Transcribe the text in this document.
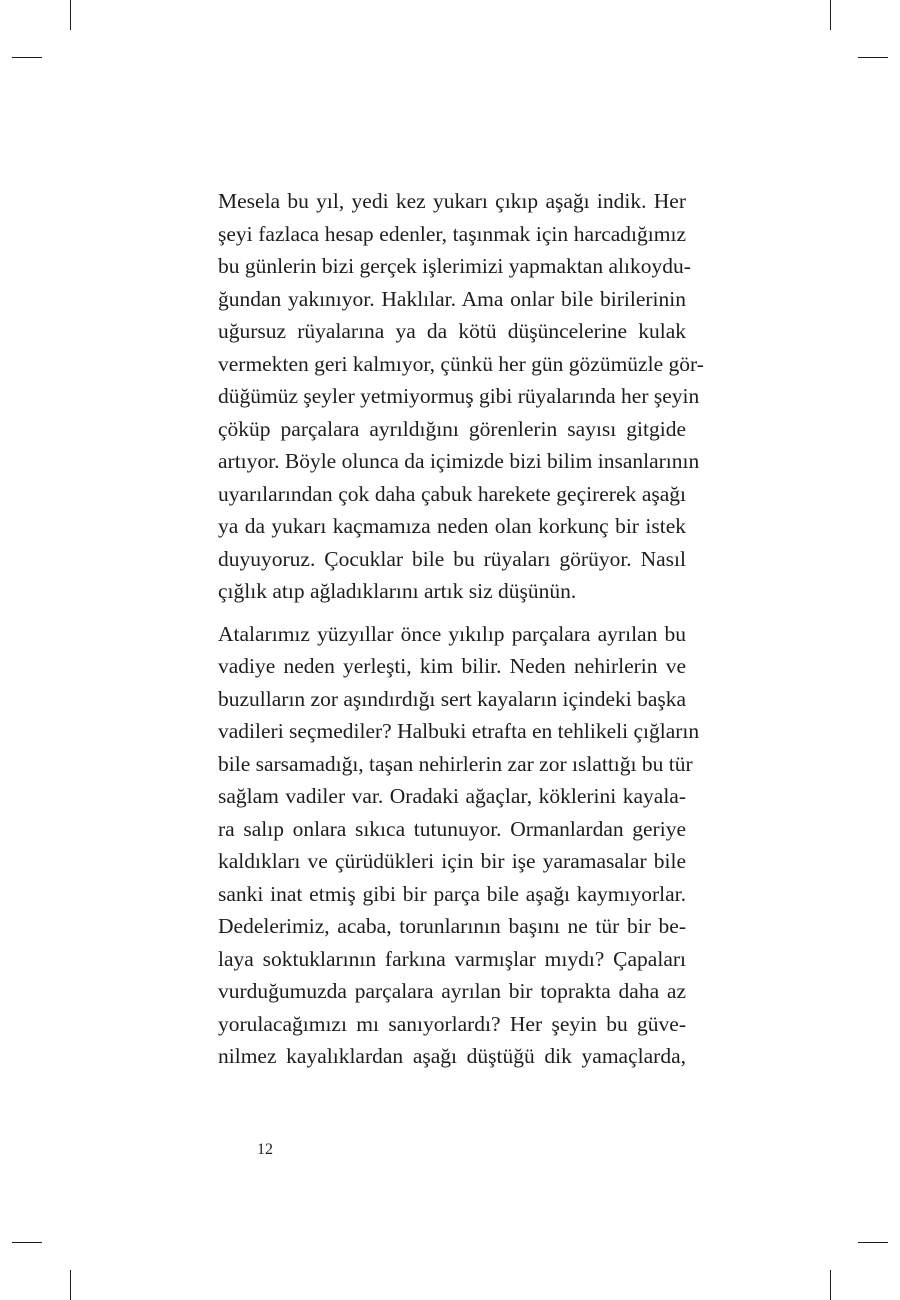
Mesela bu yıl, yedi kez yukarı çıkıp aşağı indik. Her
şeyi fazlaca hesap edenler, taşınmak için harcadığımız
bu günlerin bizi gerçek işlerimizi yapmaktan alıkoydu-
ğundan yakınıyor. Haklılar. Ama onlar bile birilerinin
uğursuz rüyalarına ya da kötü düşüncelerine kulak
vermekten geri kalmıyor, çünkü her gün gözümüzle gör-
düğümüz şeyler yetmiyormuş gibi rüyalarında her şeyin
çöküp parçalara ayrıldığını görenlerin sayısı gitgide
artıyor. Böyle olunca da içimizde bizi bilim insanlarının
uyarılarından çok daha çabuk harekete geçirerek aşağı
ya da yukarı kaçmamıza neden olan korkunç bir istek
duyuyoruz. Çocuklar bile bu rüyaları görüyor. Nasıl
çığlık atıp ağladıklarını artık siz düşünün.
Atalarımız yüzyıllar önce yıkılıp parçalara ayrılan bu
vadiye neden yerleşti, kim bilir. Neden nehirlerin ve
buzulların zor aşındırdığı sert kayaların içindeki başka
vadileri seçmediler? Halbuki etrafta en tehlikeli çığların
bile sarsamadığı, taşan nehirlerin zar zor ıslattığı bu tür
sağlam vadiler var. Oradaki ağaçlar, köklerini kayala-
ra salıp onlara sıkıca tutunuyor. Ormanlardan geriye
kaldıkları ve çürüdükleri için bir işe yaramasalar bile
sanki inat etmiş gibi bir parça bile aşağı kaymıyorlar.
Dedelerimiz, acaba, torunlarının başını ne tür bir be-
laya soktuklarının farkına varmışlar mıydı? Çapaları
vurduğumuzda parçalara ayrılan bir toprakta daha az
yorulacağımızı mı sanıyorlardı? Her şeyin bu güve-
nilmez kayalıklardan aşağı düştüğü dik yamaçlarda,
12
